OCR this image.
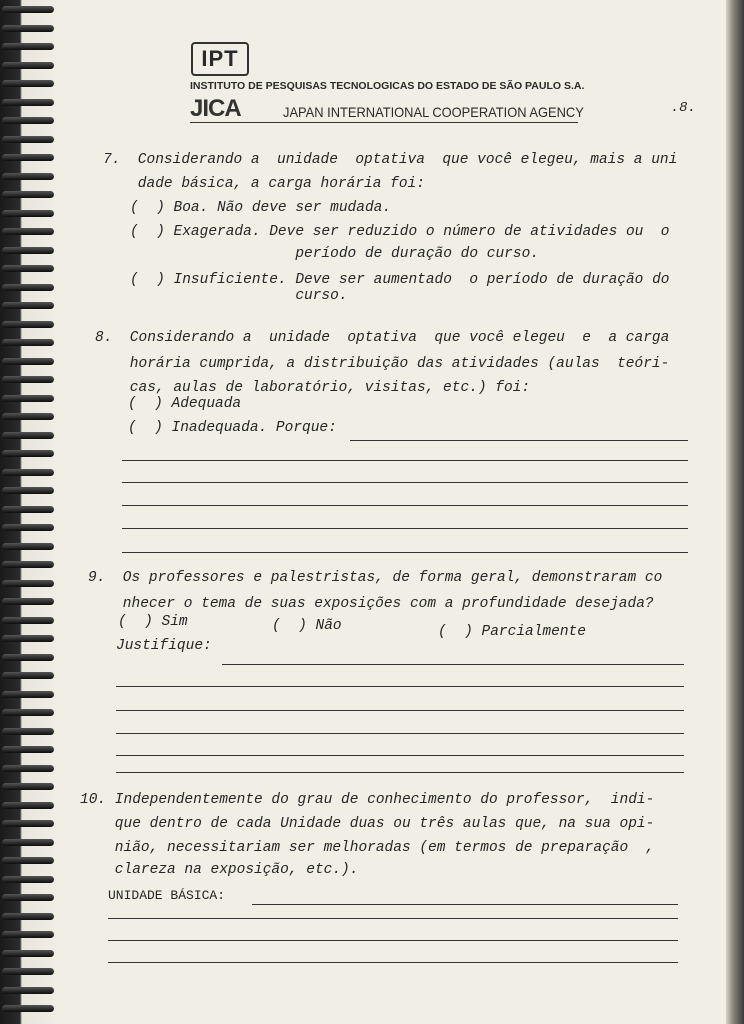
IPT
INSTITUTO DE PESQUISAS TECNOLOGICAS DO ESTADO DE SÃO PAULO S.A.
JICA	JAPAN INTERNATIONAL COOPERATION AGENCY	.8.
7.  Considerando a  unidade  optativa  que você elegeu, mais a uni
dade básica, a carga horária foi:
(  ) Boa. Não deve ser mudada.
(  ) Exagerada. Deve ser reduzido o número de atividades ou  o
período de duração do curso.
(  ) Insuficiente. Deve ser aumentado  o período de duração do
curso.
8.  Considerando a  unidade  optativa  que você elegeu  e  a carga
horária cumprida, a distribuição das atividades (aulas  teóri-
cas, aulas de laboratório, visitas, etc.) foi:
(  ) Adequada
(  ) Inadequada. Porque:
9.  Os professores e palestristas, de forma geral, demonstraram co
nhecer o tema de suas exposições com a profundidade desejada?
(  ) Sim	(  ) Não	(  ) Parcialmente
Justifique:
10. Independentemente do grau de conhecimento do professor,  indi-
que dentro de cada Unidade duas ou três aulas que, na sua opi-
nião, necessitariam ser melhoradas (em termos de preparação  ,
clareza na exposição, etc.).
UNIDADE BÁSICA:
